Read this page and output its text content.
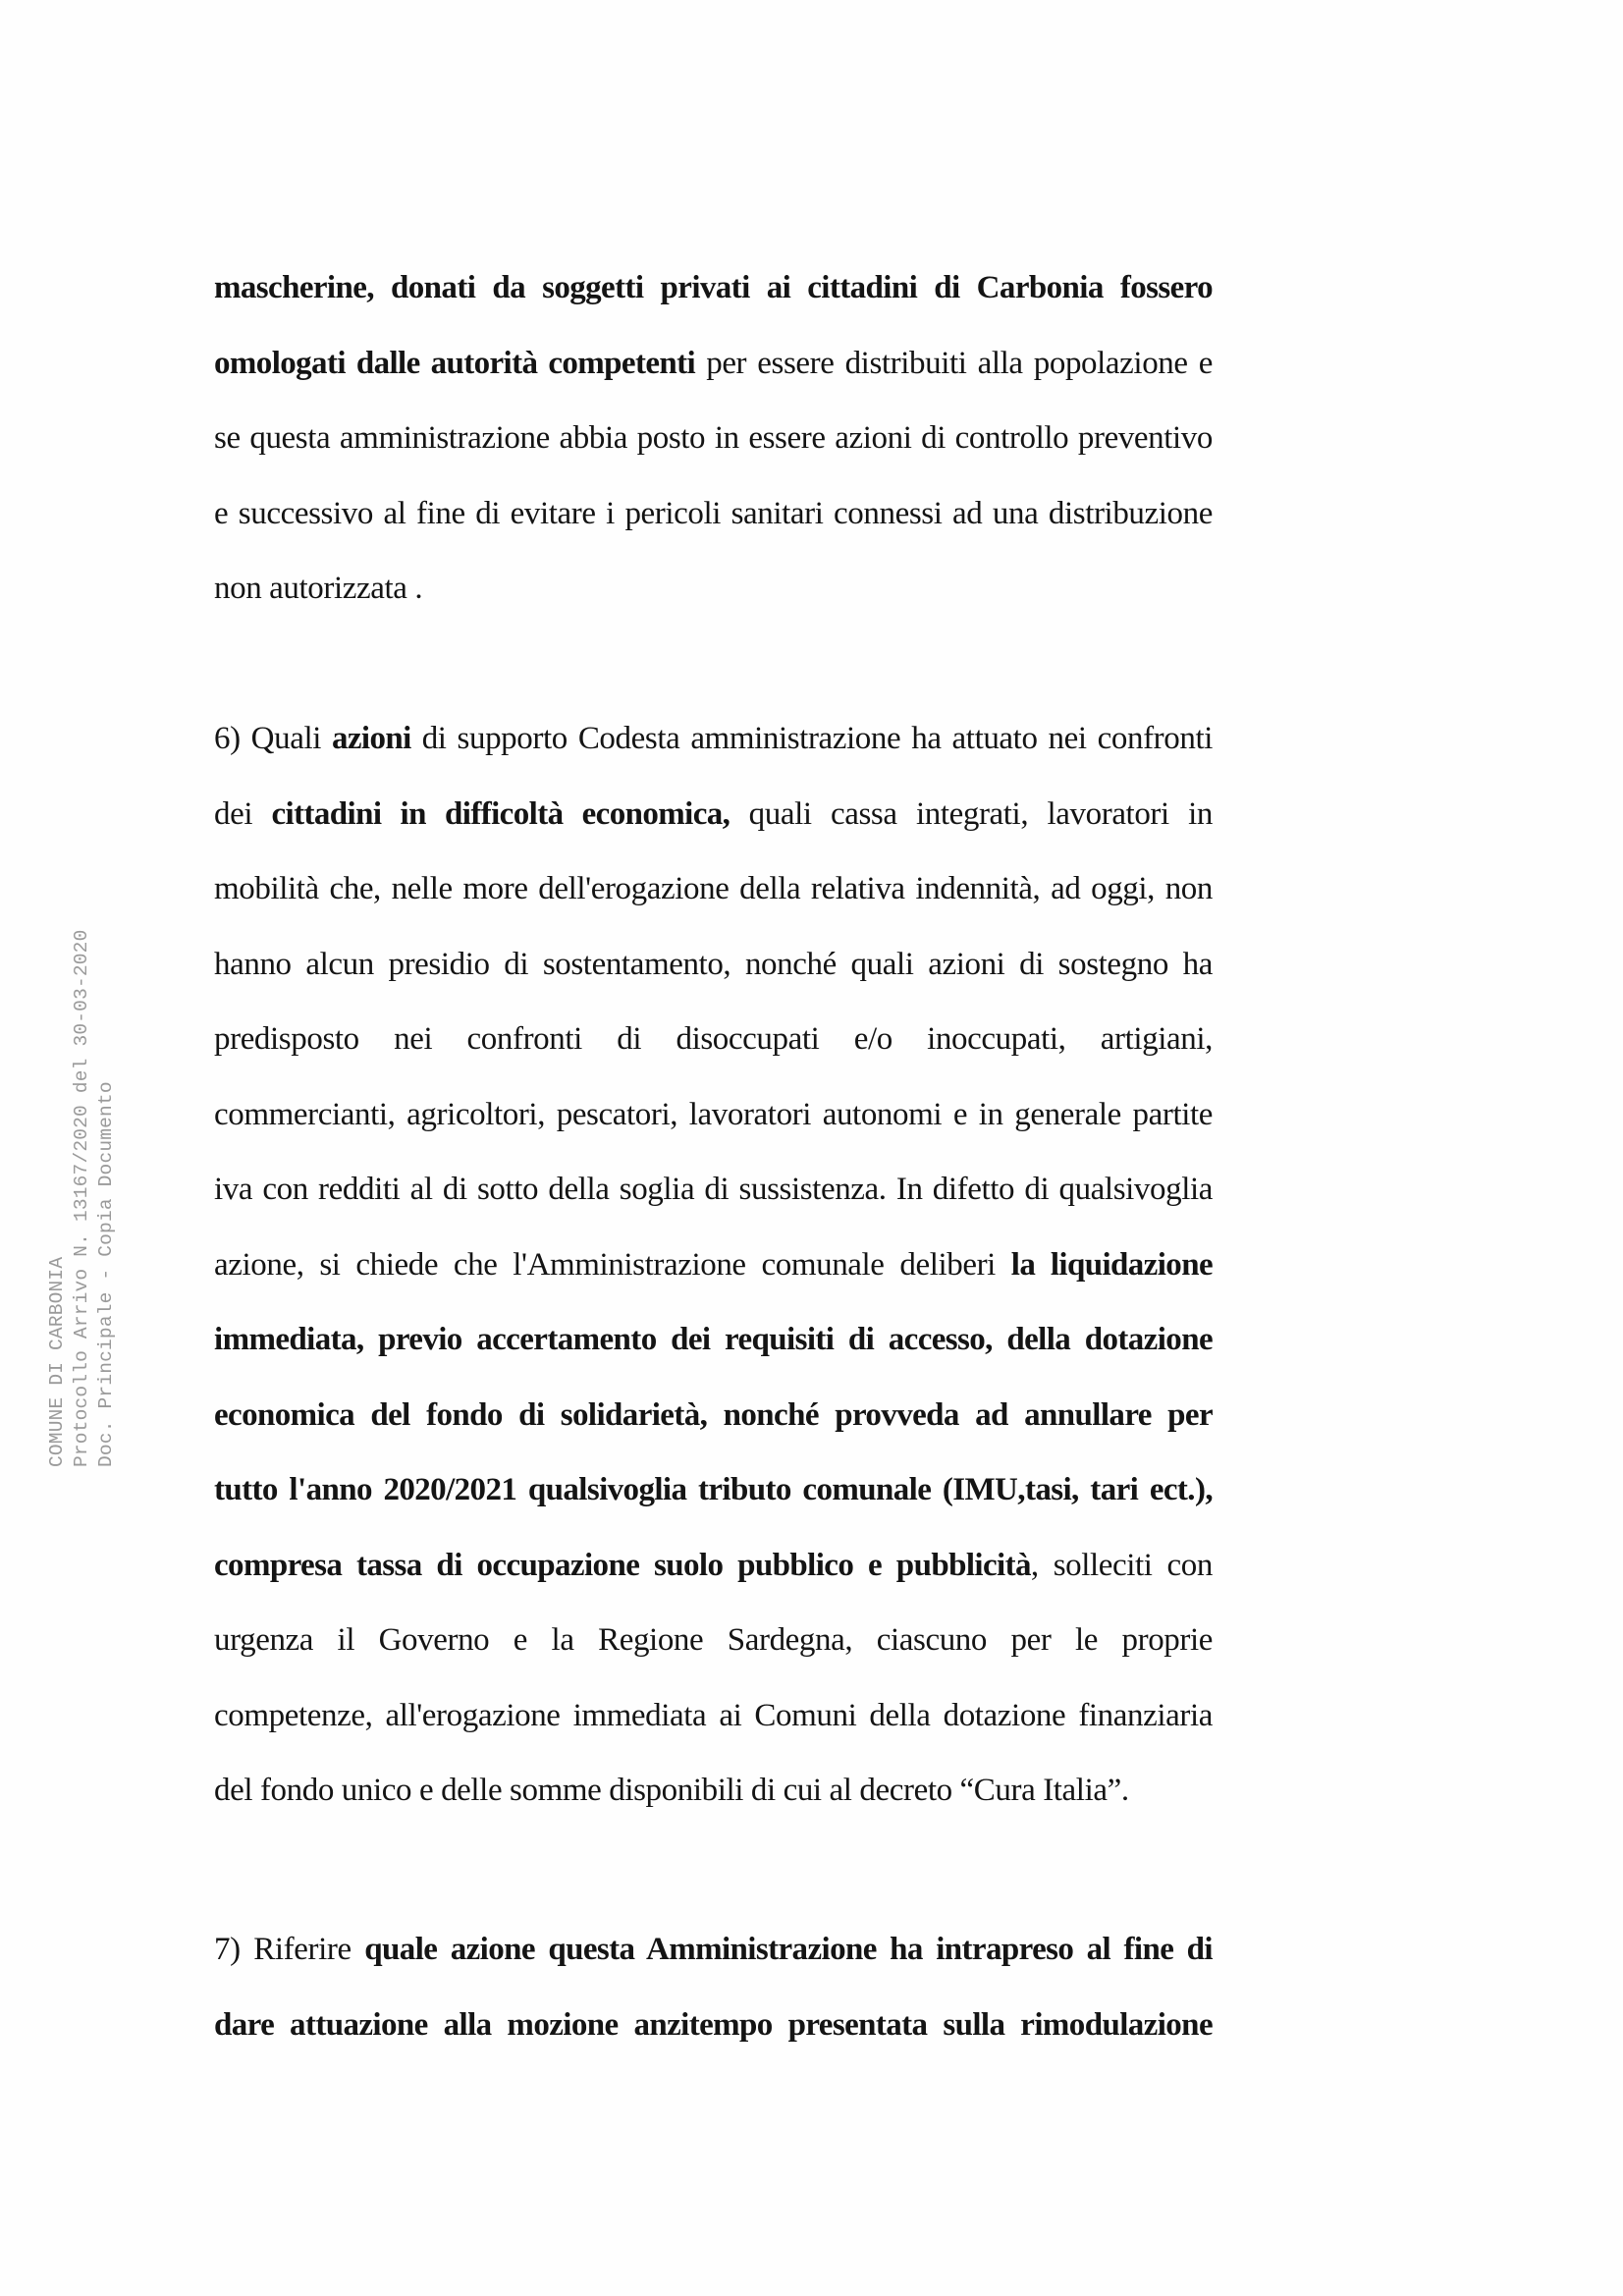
COMUNE DI CARBONIA Protocollo Arrivo N. 13167/2020 del 30-03-2020 Doc. Principale - Copia Documento
mascherine, donati da soggetti privati ai cittadini di Carbonia fossero
omologati dalle autorità competenti per essere distribuiti alla popolazione e
se questa amministrazione abbia posto in essere azioni di controllo preventivo
e successivo al fine di evitare i pericoli sanitari connessi ad una distribuzione
non autorizzata .
6) Quali azioni di supporto Codesta amministrazione ha attuato nei confronti
dei cittadini in difficoltà economica, quali cassa integrati, lavoratori in
mobilità che, nelle more dell'erogazione della relativa indennità, ad oggi, non
hanno alcun presidio di sostentamento, nonché quali azioni di sostegno ha
predisposto nei confronti di disoccupati e/o inoccupati, artigiani,
commercianti, agricoltori, pescatori, lavoratori autonomi e in generale partite
iva con redditi al di sotto della soglia di sussistenza. In difetto di qualsivoglia
azione, si chiede che l'Amministrazione comunale deliberi la liquidazione
immediata, previo accertamento dei requisiti di accesso, della dotazione
economica del fondo di solidarietà, nonché provveda ad annullare per
tutto l'anno 2020/2021 qualsivoglia tributo comunale (IMU,tasi, tari ect.),
compresa tassa di occupazione suolo pubblico e pubblicità, solleciti con
urgenza il Governo e la Regione Sardegna, ciascuno per le proprie
competenze, all'erogazione immediata ai Comuni della dotazione finanziaria
del fondo unico e delle somme disponibili di cui al decreto “Cura Italia”.
7) Riferire quale azione questa Amministrazione ha intrapreso al fine di
dare attuazione alla mozione anzitempo presentata sulla rimodulazione
